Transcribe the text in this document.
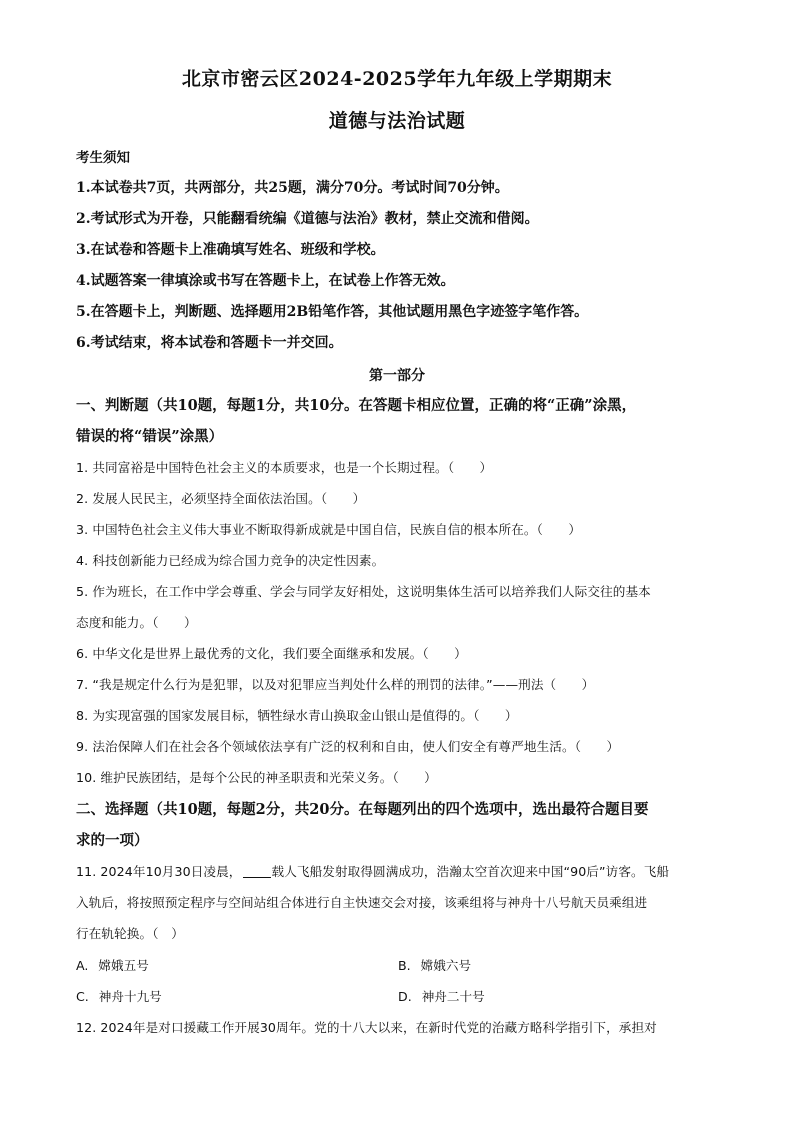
北京市密云区2024-2025学年九年级上学期期末
道德与法治试题
考生须知
1.本试卷共7页，共两部分，共25题，满分70分。考试时间70分钟。
2.考试形式为开卷，只能翻看统编《道德与法治》教材，禁止交流和借阅。
3.在试卷和答题卡上准确填写姓名、班级和学校。
4.试题答案一律填涂或书写在答题卡上，在试卷上作答无效。
5.在答题卡上，判断题、选择题用2B铅笔作答，其他试题用黑色字迹签字笔作答。
6.考试结束，将本试卷和答题卡一并交回。
第一部分
一、判断题（共10题，每题1分，共10分。在答题卡相应位置，正确的将“正确”涂黑，
错误的将“错误”涂黑）
1. 共同富裕是中国特色社会主义的本质要求，也是一个长期过程。（　　）
2. 发展人民民主，必须坚持全面依法治国。（　　）
3. 中国特色社会主义伟大事业不断取得新成就是中国自信，民族自信的根本所在。（　　）
4. 科技创新能力已经成为综合国力竞争的决定性因素。
5. 作为班长，在工作中学会尊重、学会与同学友好相处，这说明集体生活可以培养我们人际交往的基本
态度和能力。（　　）
6. 中华文化是世界上最优秀的文化，我们要全面继承和发展。（　　）
7. “我是规定什么行为是犯罪，以及对犯罪应当判处什么样的刑罚的法律。”——刑法（　　）
8. 为实现富强的国家发展目标，牺牲绿水青山换取金山银山是值得的。（　　）
9. 法治保障人们在社会各个领域依法享有广泛的权利和自由，使人们安全有尊严地生活。（　　）
10. 维护民族团结，是每个公民的神圣职责和光荣义务。（　　）
二、选择题（共10题，每题2分，共20分。在每题列出的四个选项中，选出最符合题目要
求的一项）
11. 2024年10月30日凌晨， 载人飞船发射取得圆满成功，浩瀚太空首次迎来中国“90后”访客。飞船
入轨后，将按照预定程序与空间站组合体进行自主快速交会对接，该乘组将与神舟十八号航天员乘组进
行在轨轮换。（　）
A. 嫦娥五号	B. 嫦娥六号
C. 神舟十九号	D. 神舟二十号
12. 2024年是对口援藏工作开展30周年。党的十八大以来，在新时代党的治藏方略科学指引下，承担对
